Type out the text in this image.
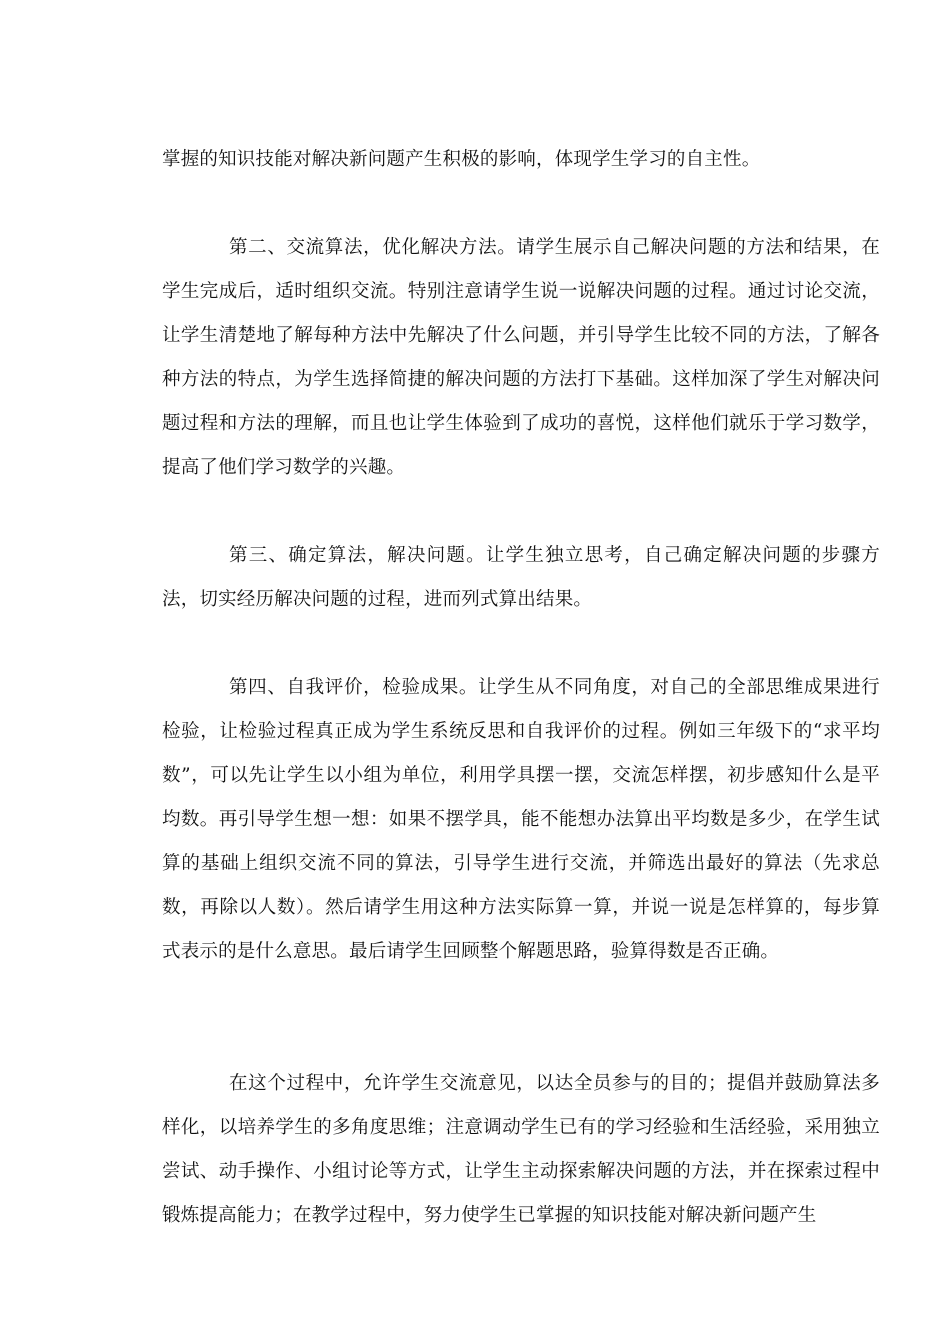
掌握的知识技能对解决新问题产生积极的影响，体现学生学习的自主性。

第二、交流算法，优化解决方法。请学生展示自己解决问题的方法和结果，在学生完成后，适时组织交流。特别注意请学生说一说解决问题的过程。通过讨论交流，让学生清楚地了解每种方法中先解决了什么问题，并引导学生比较不同的方法，了解各种方法的特点，为学生选择简捷的解决问题的方法打下基础。这样加深了学生对解决问题过程和方法的理解，而且也让学生体验到了成功的喜悦，这样他们就乐于学习数学，提高了他们学习数学的兴趣。

第三、确定算法，解决问题。让学生独立思考，自己确定解决问题的步骤方法，切实经历解决问题的过程，进而列式算出结果。

第四、自我评价，检验成果。让学生从不同角度，对自己的全部思维成果进行检验，让检验过程真正成为学生系统反思和自我评价的过程。例如三年级下的“求平均数”，可以先让学生以小组为单位，利用学具摆一摆，交流怎样摆，初步感知什么是平均数。再引导学生想一想：如果不摆学具，能不能想办法算出平均数是多少，在学生试算的基础上组织交流不同的算法，引导学生进行交流，并筛选出最好的算法（先求总数，再除以人数）。然后请学生用这种方法实际算一算，并说一说是怎样算的，每步算式表示的是什么意思。最后请学生回顾整个解题思路，验算得数是否正确。

在这个过程中，允许学生交流意见，以达全员参与的目的；提倡并鼓励算法多样化，以培养学生的多角度思维；注意调动学生已有的学习经验和生活经验，采用独立尝试、动手操作、小组讨论等方式，让学生主动探索解决问题的方法，并在探索过程中锻炼提高能力；在教学过程中，努力使学生已掌握的知识技能对解决新问题产生
